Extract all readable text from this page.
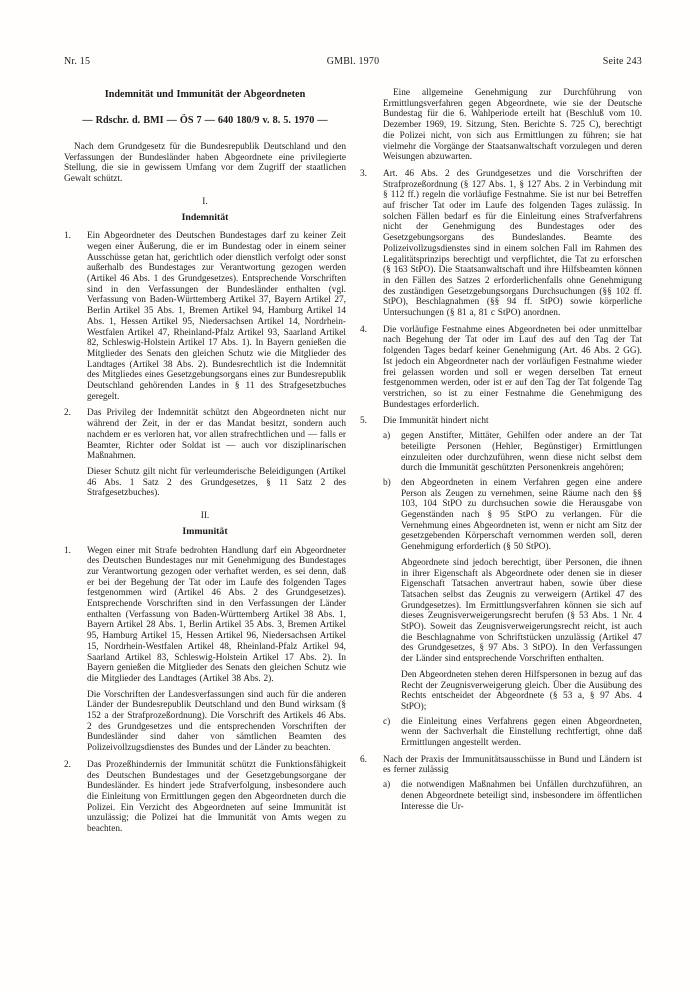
Nr. 15	GMBl. 1970	Seite 243
Indemnität und Immunität der Abgeordneten
— Rdschr. d. BMI — ÖS 7 — 640 180/9 v. 8. 5. 1970 —

Nach dem Grundgesetz für die Bundesrepublik Deutschland und den Verfassungen der Bundesländer haben Abgeordnete eine privilegierte Stellung, die sie in gewissem Umfang vor dem Zugriff der staatlichen Gewalt schützt.

I.
Indemnität
1.	Ein Abgeordneter des Deutschen Bundestages darf zu keiner Zeit wegen einer Äußerung, die er im Bundestag oder in einem seiner Ausschüsse getan hat, gerichtlich oder dienstlich verfolgt oder sonst außerhalb des Bundestages zur Verantwortung gezogen werden (Artikel 46 Abs. 1 des Grundgesetzes). Entsprechende Vorschriften sind in den Verfassungen der Bundesländer enthalten (vgl. Verfassung von Baden-Württemberg Artikel 37, Bayern Artikel 27, Berlin Artikel 35 Abs. 1, Bremen Artikel 94, Hamburg Artikel 14 Abs. 1, Hessen Artikel 95, Niedersachsen Artikel 14, Nordrhein-Westfalen Artikel 47, Rheinland-Pfalz Artikel 93, Saarland Artikel 82, Schleswig-Holstein Artikel 17 Abs. 1). In Bayern genießen die Mitglieder des Senats den gleichen Schutz wie die Mitglieder des Landtages (Artikel 38 Abs. 2). Bundesrechtlich ist die Indemnität des Mitgliedes eines Gesetzgebungsorgans eines zur Bundesrepublik Deutschland gehörenden Landes in § 11 des Strafgesetzbuches geregelt.

2.	Das Privileg der Indemnität schützt den Abgeordneten nicht nur während der Zeit, in der er das Mandat besitzt, sondern auch nachdem er es verloren hat, vor allen strafrechtlichen und — falls er Beamter, Richter oder Soldat ist — auch vor disziplinarischen Maßnahmen.

Dieser Schutz gilt nicht für verleumderische Beleidigungen (Artikel 46 Abs. 1 Satz 2 des Grundgesetzes, § 11 Satz 2 des Strafgesetzbuches).

II.
Immunität
1.	Wegen einer mit Strafe bedrohten Handlung darf ein Abgeordneter des Deutschen Bundestages nur mit Genehmigung des Bundestages zur Verantwortung gezogen oder verhaftet werden, es sei denn, daß er bei der Begehung der Tat oder im Laufe des folgenden Tages festgenommen wird (Artikel 46 Abs. 2 des Grundgesetzes). Entsprechende Vorschriften sind in den Verfassungen der Länder enthalten (Verfassung von Baden-Württemberg Artikel 38 Abs. 1, Bayern Artikel 28 Abs. 1, Berlin Artikel 35 Abs. 3, Bremen Artikel 95, Hamburg Artikel 15, Hessen Artikel 96, Niedersachsen Artikel 15, Nordrhein-Westfalen Artikel 48, Rheinland-Pfalz Artikel 94, Saarland Artikel 83, Schleswig-Holstein Artikel 17 Abs. 2). In Bayern genießen die Mitglieder des Senats den gleichen Schutz wie die Mitglieder des Landtages (Artikel 38 Abs. 2).

Die Vorschriften der Landesverfassungen sind auch für die anderen Länder der Bundesrepublik Deutschland und den Bund wirksam (§ 152 a der Strafprozeßordnung). Die Vorschrift des Artikels 46 Abs. 2 des Grundgesetzes und die entsprechenden Vorschriften der Bundesländer sind daher von sämtlichen Beamten des Polizeivollzugsdienstes des Bundes und der Länder zu beachten.

2.	Das Prozeßhindernis der Immunität schützt die Funktionsfähigkeit des Deutschen Bundestages und der Gesetzgebungsorgane der Bundesländer. Es hindert jede Strafverfolgung, insbesondere auch die Einleitung von Ermittlungen gegen den Abgeordneten durch die Polizei. Ein Verzicht des Abgeordneten auf seine Immunität ist unzulässig; die Polizei hat die Immunität von Amts wegen zu beachten.

Eine allgemeine Genehmigung zur Durchführung von Ermittlungsverfahren gegen Abgeordnete, wie sie der Deutsche Bundestag für die 6. Wahlperiode erteilt hat (Beschluß vom 10. Dezember 1969, 19. Sitzung, Sten. Berichte S. 725 C), berechtigt die Polizei nicht, von sich aus Ermittlungen zu führen; sie hat vielmehr die Vorgänge der Staatsanwaltschaft vorzulegen und deren Weisungen abzuwarten.

3.	Art. 46 Abs. 2 des Grundgesetzes und die Vorschriften der Strafprozeßordnung (§ 127 Abs. 1, § 127 Abs. 2 in Verbindung mit § 112 ff.) regeln die vorläufige Festnahme. Sie ist nur bei Betreffen auf frischer Tat oder im Laufe des folgenden Tages zulässig. In solchen Fällen bedarf es für die Einleitung eines Strafverfahrens nicht der Genehmigung des Bundestages oder des Gesetzgebungsorgans des Bundeslandes. Beamte des Polizeivollzugsdienstes sind in einem solchen Fall im Rahmen des Legalitätsprinzips berechtigt und verpflichtet, die Tat zu erforschen (§ 163 StPO). Die Staatsanwaltschaft und ihre Hilfsbeamten können in den Fällen des Satzes 2 erforderlichenfalls ohne Genehmigung des zuständigen Gesetzgebungsorgans Durchsuchungen (§§ 102 ff. StPO), Beschlagnahmen (§§ 94 ff. StPO) sowie körperliche Untersuchungen (§ 81 a, 81 c StPO) anordnen.

4.	Die vorläufige Festnahme eines Abgeordneten bei oder unmittelbar nach Begehung der Tat oder im Lauf des auf den Tag der Tat folgenden Tages bedarf keiner Genehmigung (Art. 46 Abs. 2 GG). Ist jedoch ein Abgeordneter nach der vorläufigen Festnahme wieder frei gelassen worden und soll er wegen derselben Tat erneut festgenommen werden, oder ist er auf den Tag der Tat folgende Tag verstrichen, so ist zu einer Festnahme die Genehmigung des Bundestages erforderlich.

5.	Die Immunität hindert nicht

a)	gegen Anstifter, Mittäter, Gehilfen oder andere an der Tat beteiligte Personen (Hehler, Begünstiger) Ermittlungen einzuleiten oder durchzuführen, wenn diese nicht selbst dem durch die Immunität geschützten Personenkreis angehören;

b)	den Abgeordneten in einem Verfahren gegen eine andere Person als Zeugen zu vernehmen, seine Räume nach den §§ 103, 104 StPO zu durchsuchen sowie die Herausgabe von Gegenständen nach § 95 StPO zu verlangen. Für die Vernehmung eines Abgeordneten ist, wenn er nicht am Sitz der gesetzgebenden Körperschaft vernommen werden soll, deren Genehmigung erforderlich (§ 50 StPO).

Abgeordnete sind jedoch berechtigt, über Personen, die ihnen in ihrer Eigenschaft als Abgeordnete oder denen sie in dieser Eigenschaft Tatsachen anvertraut haben, sowie über diese Tatsachen selbst das Zeugnis zu verweigern (Artikel 47 des Grundgesetzes). Im Ermittlungsverfahren können sie sich auf dieses Zeugnisverweigerungsrecht berufen (§ 53 Abs. 1 Nr. 4 StPO). Soweit das Zeugnisverweigerungsrecht reicht, ist auch die Beschlagnahme von Schriftstücken unzulässig (Artikel 47 des Grundgesetzes, § 97 Abs. 3 StPO). In den Verfassungen der Länder sind entsprechende Vorschriften enthalten.

Den Abgeordneten stehen deren Hilfspersonen in bezug auf das Recht der Zeugnisverweigerung gleich. Über die Ausübung des Rechts entscheidet der Abgeordnete (§ 53 a, § 97 Abs. 4 StPO);

c)	die Einleitung eines Verfahrens gegen einen Abgeordneten, wenn der Sachverhalt die Einstellung rechtfertigt, ohne daß Ermittlungen angestellt werden.

6.	Nach der Praxis der Immunitätsausschüsse in Bund und Ländern ist es ferner zulässig

a)	die notwendigen Maßnahmen bei Unfällen durchzuführen, an denen Abgeordnete beteiligt sind, insbesondere im öffentlichen Interesse die Ur-
